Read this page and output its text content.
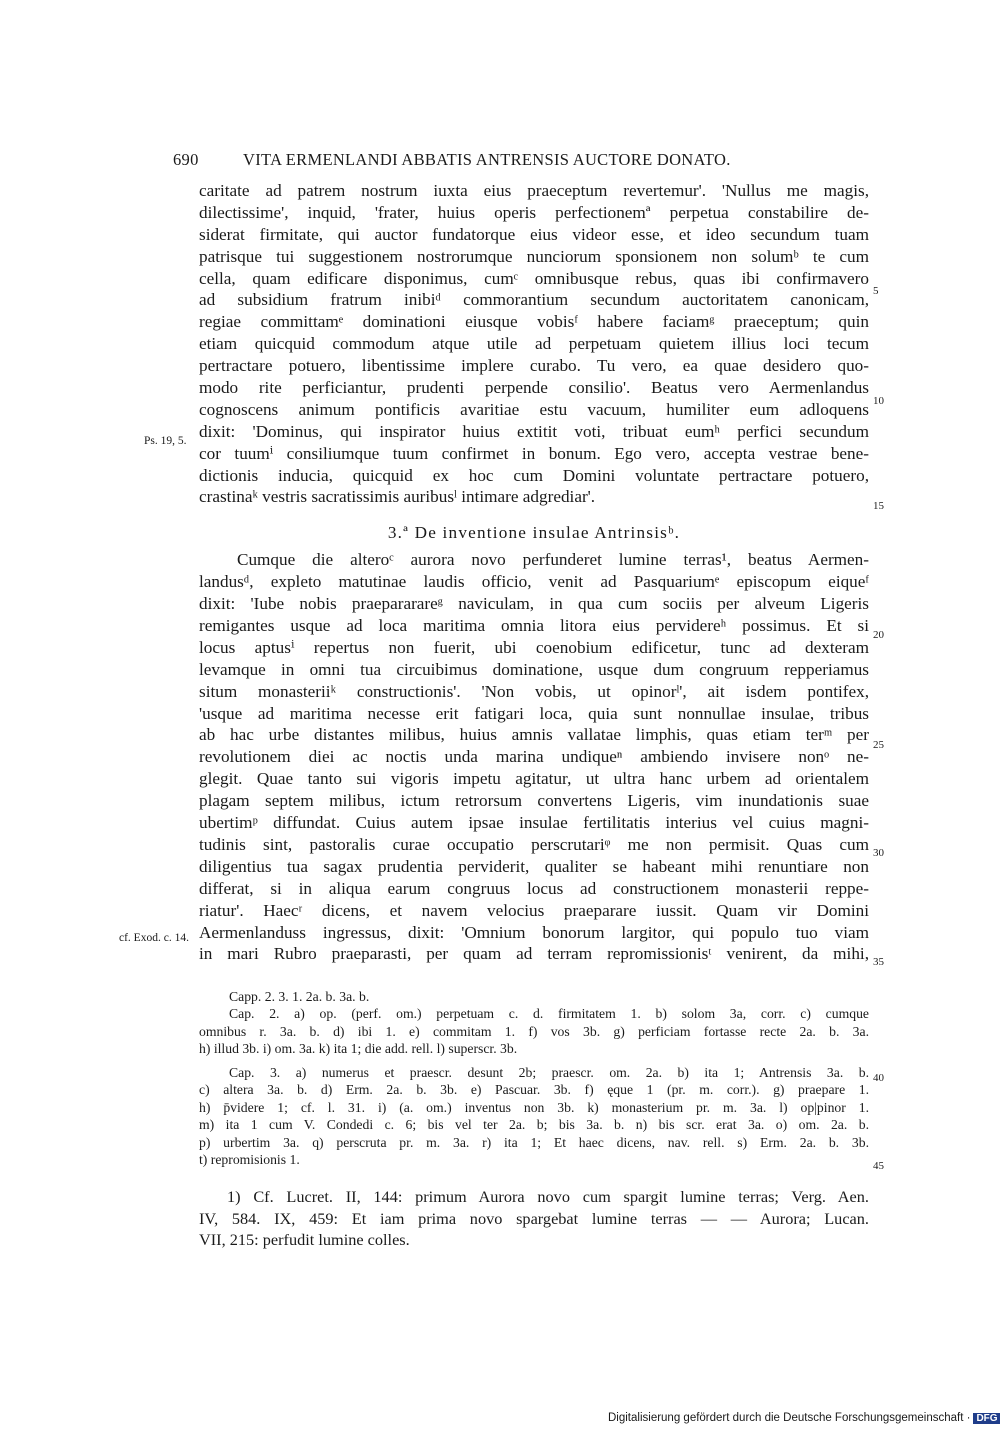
690	VITA ERMENLANDI ABBATIS ANTRENSIS AUCTORE DONATO.
caritate ad patrem nostrum iuxta eius praeceptum revertemur'. 'Nullus me magis,
dilectissime', inquid, 'frater, huius operis perfectionemª perpetua constabilire de-
siderat firmitate, qui auctor fundatorque eius videor esse, et ideo secundum tuam
patrisque tui suggestionem nostrorumque nunciorum sponsionem non solumᵇ te cum
cella, quam edificare disponimus, cumᶜ omnibusque rebus, quas ibi confirmavero
ad subsidium fratrum inibiᵈ commorantium secundum auctoritatem canonicam,
regiae committamᵉ dominationi eiusque vobisᶠ habere faciamᵍ praeceptum; quin
etiam quicquid commodum atque utile ad perpetuam quietem illius loci tecum
pertractare potuero, libentissime implere curabo. Tu vero, ea quae desidero quo-
modo rite perficiantur, prudenti perpende consilio'. Beatus vero Aermenlandus
cognoscens animum pontificis avaritiae estu vacuum, humiliter eum adloquens
dixit: 'Dominus, qui inspirator huius extitit voti, tribuat eumʰ perfici secundum
cor tuumⁱ consiliumque tuum confirmet in bonum. Ego vero, accepta vestrae bene-
dictionis inducia, quicquid ex hoc cum Domini voluntate pertractare potuero,
crastinaᵏ vestris sacratissimis auribusˡ intimare adgrediar'.
3.ª De inventione insulae Antrinsisᵇ.
Cumque die alteroᶜ aurora novo perfunderet lumine terras¹, beatus Aermen-
landusᵈ, expleto matutinae laudis officio, venit ad Pasquariumᵉ episcopum eiqueᶠ
dixit: 'Iube nobis praepararareᵍ naviculam, in qua cum sociis per alveum Ligeris
remigantes usque ad loca maritima omnia litora eius pervidereʰ possimus. Et si
locus aptusⁱ repertus non fuerit, ubi coenobium edificetur, tunc ad dexteram
levamque in omni tua circuibimus dominatione, usque dum congruum repperiamus
situm monasteriiᵏ constructionis'. 'Non vobis, ut opinorˡ', ait isdem pontifex,
'usque ad maritima necesse erit fatigari loca, quia sunt nonnullae insulae, tribus
ab hac urbe distantes milibus, huius amnis vallatae limphis, quas etiam terᵐ per
revolutionem diei ac noctis unda marina undiqueⁿ ambiendo invisere nonᵒ ne-
glegit. Quae tanto sui vigoris impetu agitatur, ut ultra hanc urbem ad orientalem
plagam septem milibus, ictum retrorsum convertens Ligeris, vim inundationis suae
ubertimᵖ diffundat. Cuius autem ipsae insulae fertilitatis interius vel cuius magni-
tudinis sint, pastoralis curae occupatio perscrutariᵠ me non permisit. Quas cum
diligentius tua sagax prudentia perviderit, qualiter se habeant mihi renuntiare non
differat, si in aliqua earum congruus locus ad constructionem monasterii reppe-
riatur'. Haecʳ dicens, et navem velocius praeparare iussit. Quam vir Domini
Aermenlanduss ingressus, dixit: 'Omnium bonorum largitor, qui populo tuo viam
in mari Rubro praeparasti, per quam ad terram repromissionisᵗ venirent, da mihi,
Ps. 19, 5.
cf. Exod. c. 14.
5
10
15
20
25
30
35
40
45
Capp. 2. 3. 1. 2a. b. 3a. b.
Cap. 2. a) op. (perf. om.) perpetuam c. d. firmitatem 1. b) solom 3a, corr. c) cumque
omnibus r. 3a. b. d) ibi 1. e) commitam 1. f) vos 3b. g) perficiam fortasse recte 2a. b. 3a.
h) illud 3b. i) om. 3a. k) ita 1; die add. rell. l) superscr. 3b.
Cap. 3. a) numerus et praescr. desunt 2b; praescr. om. 2a. b) ita 1; Antrensis 3a. b.
c) altera 3a. b. d) Erm. 2a. b. 3b. e) Pascuar. 3b. f) ęque 1 (pr. m. corr.). g) praepare 1.
h) p̄videre 1; cf. l. 31. i) (a. om.) inventus non 3b. k) monasterium pr. m. 3a. l) op|pinor 1.
m) ita 1 cum V. Condedi c. 6; bis vel ter 2a. b; bis 3a. b. n) bis scr. erat 3a. o) om. 2a. b.
p) urbertim 3a. q) perscruta pr. m. 3a. r) ita 1; Et haec dicens, nav. rell. s) Erm. 2a. b. 3b.
t) repromisionis 1.
1) Cf. Lucret. II, 144: primum Aurora novo cum spargit lumine terras; Verg. Aen.
IV, 584. IX, 459: Et iam prima novo spargebat lumine terras — — Aurora; Lucan.
VII, 215: perfudit lumine colles.
Digitalisierung gefördert durch die Deutsche Forschungsgemeinschaft · DFG
